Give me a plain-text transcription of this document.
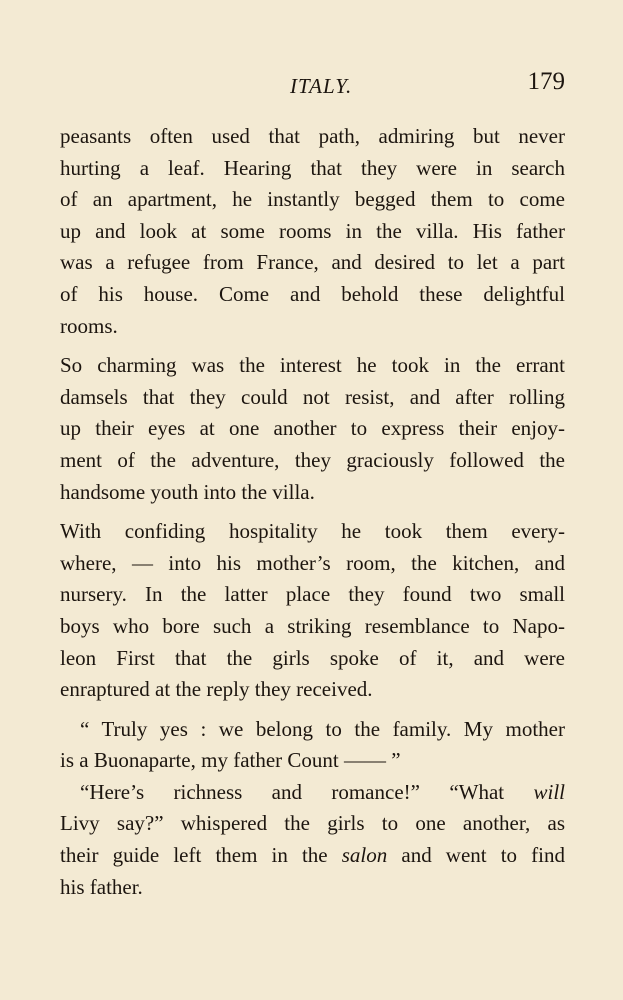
ITALY.	179
peasants often used that path, admiring but never
hurting a leaf. Hearing that they were in search
of an apartment, he instantly begged them to come
up and look at some rooms in the villa. His father
was a refugee from France, and desired to let a part
of his house. Come and behold these delightful
rooms.
So charming was the interest he took in the errant
damsels that they could not resist, and after rolling
up their eyes at one another to express their enjoy-
ment of the adventure, they graciously followed the
handsome youth into the villa.
With confiding hospitality he took them every-
where, — into his mother’s room, the kitchen, and
nursery. In the latter place they found two small
boys who bore such a striking resemblance to Napo-
leon First that the girls spoke of it, and were
enraptured at the reply they received.
“ Truly yes : we belong to the family. My mother
is a Buonaparte, my father Count —— ”
“Here’s richness and romance!” “What will
Livy say?” whispered the girls to one another, as
their guide left them in the salon and went to find
his father.
